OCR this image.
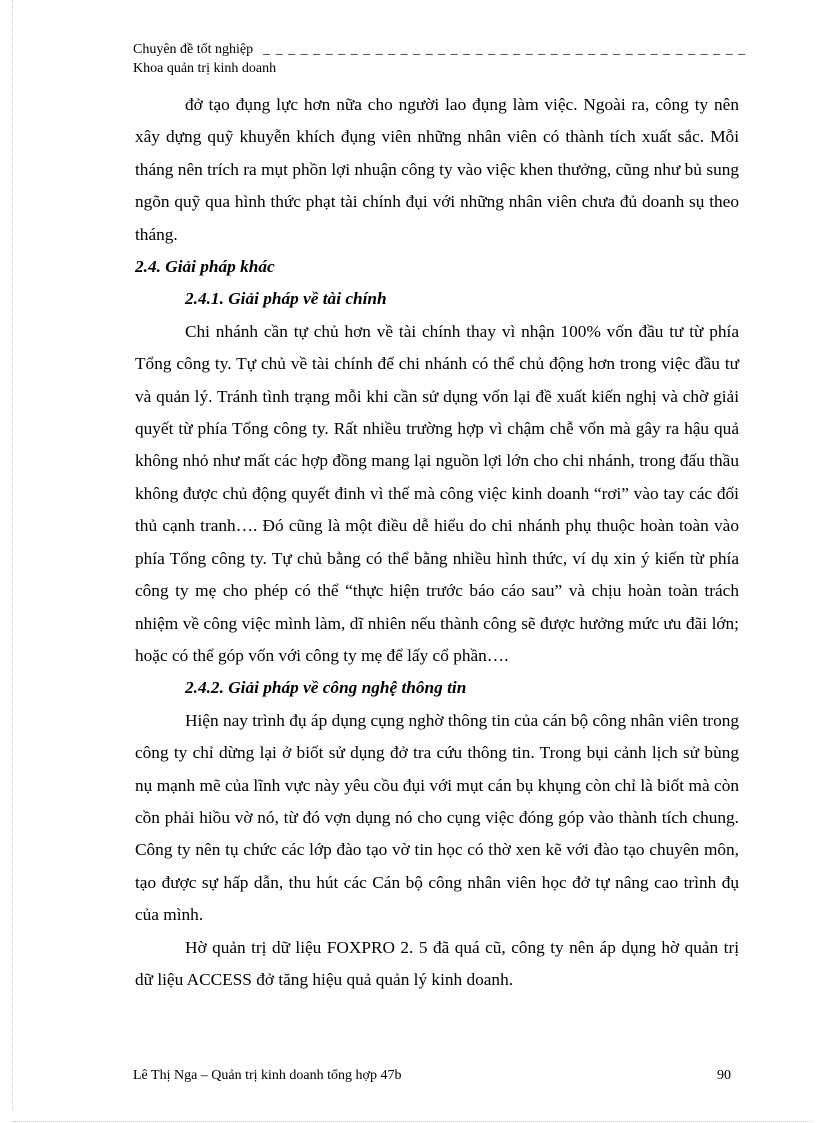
Chuyên đề tốt nghiệp _ _ _ _ _ _ _ _ _ _ _ _ _ _ _ _ _ _ _ _ _ _ _ _ _ _ _ _ _ _ _ _ _ _ _ _ _ _ _
Khoa quản trị kinh doanh

đở tạo đụng lực hơn nữa cho người lao đụng làm việc. Ngoài ra, công ty nên xây dựng quỹ khuyễn khích đụng viên những nhân viên có thành tích xuất sắc. Mỗi tháng nên trích ra mụt phồn lợi nhuận công ty vào việc khen thưởng, cũng như bủ sung ngõn quỹ qua hình thức phạt tài chính đụi với những nhân viên chưa đủ doanh sụ theo tháng.

2.4. Giải pháp khác

2.4.1. Giải pháp về tài chính

Chi nhánh cần tự chủ hơn về tài chính thay vì nhận 100% vốn đầu tư từ phía Tổng công ty. Tự chủ về tài chính để chi nhánh có thể chủ động hơn trong việc đầu tư và quản lý. Tránh tình trạng mỗi khi cần sử dụng vốn lại đề xuất kiến nghị và chờ giải quyết từ phía Tổng công ty. Rất nhiều trường hợp vì chậm chễ vốn mà gây ra hậu quả không nhỏ như mất các hợp đồng mang lại nguồn lợi lớn cho chi nhánh, trong đấu thầu không được chủ động quyết đinh vì thế mà công việc kinh doanh “rơi” vào tay các đối thủ cạnh tranh…. Đó cũng là một điều dễ hiểu do chi nhánh phụ thuộc hoàn toàn vào phía Tổng công ty. Tự chủ bằng có thể bằng nhiều hình thức, ví dụ xin ý kiến từ phía công ty mẹ cho phép có thể “thực hiện trước báo cáo sau” và chịu hoàn toàn trách nhiệm về công việc mình làm, dĩ nhiên nếu thành công sẽ được hưởng mức ưu đãi lớn; hoặc có thể góp vốn với công ty mẹ để lấy cổ phần….

2.4.2. Giải pháp về công nghệ thông tin

Hiện nay trình đụ áp dụng cụng nghờ thông tin của cán bộ công nhân viên trong công ty chỉ dừng lại ở biốt sử dụng đở tra cứu thông tin. Trong bụi cảnh lịch sử bùng nụ mạnh mẽ của lĩnh vực này yêu cồu đụi với mụt cán bụ khụng còn chỉ là biốt mà còn cồn phải hiồu vờ nó, từ đó vợn dụng nó cho cụng việc đóng góp vào thành tích chung. Công ty nên tụ chức các lớp đào tạo vờ tin học có thờ xen kẽ với đào tạo chuyên môn, tạo được sự hấp dẫn, thu hút các Cán bộ công nhân viên học đở tự nâng cao trình đụ của mình.

Hờ quản trị dữ liệu FOXPRO 2. 5 đã quá cũ, công ty nên áp dụng hờ quản trị dữ liệu ACCESS đở tăng hiệu quả quản lý kinh doanh.

Lê Thị Nga – Quản trị kinh doanh tổng hợp 47b	90
